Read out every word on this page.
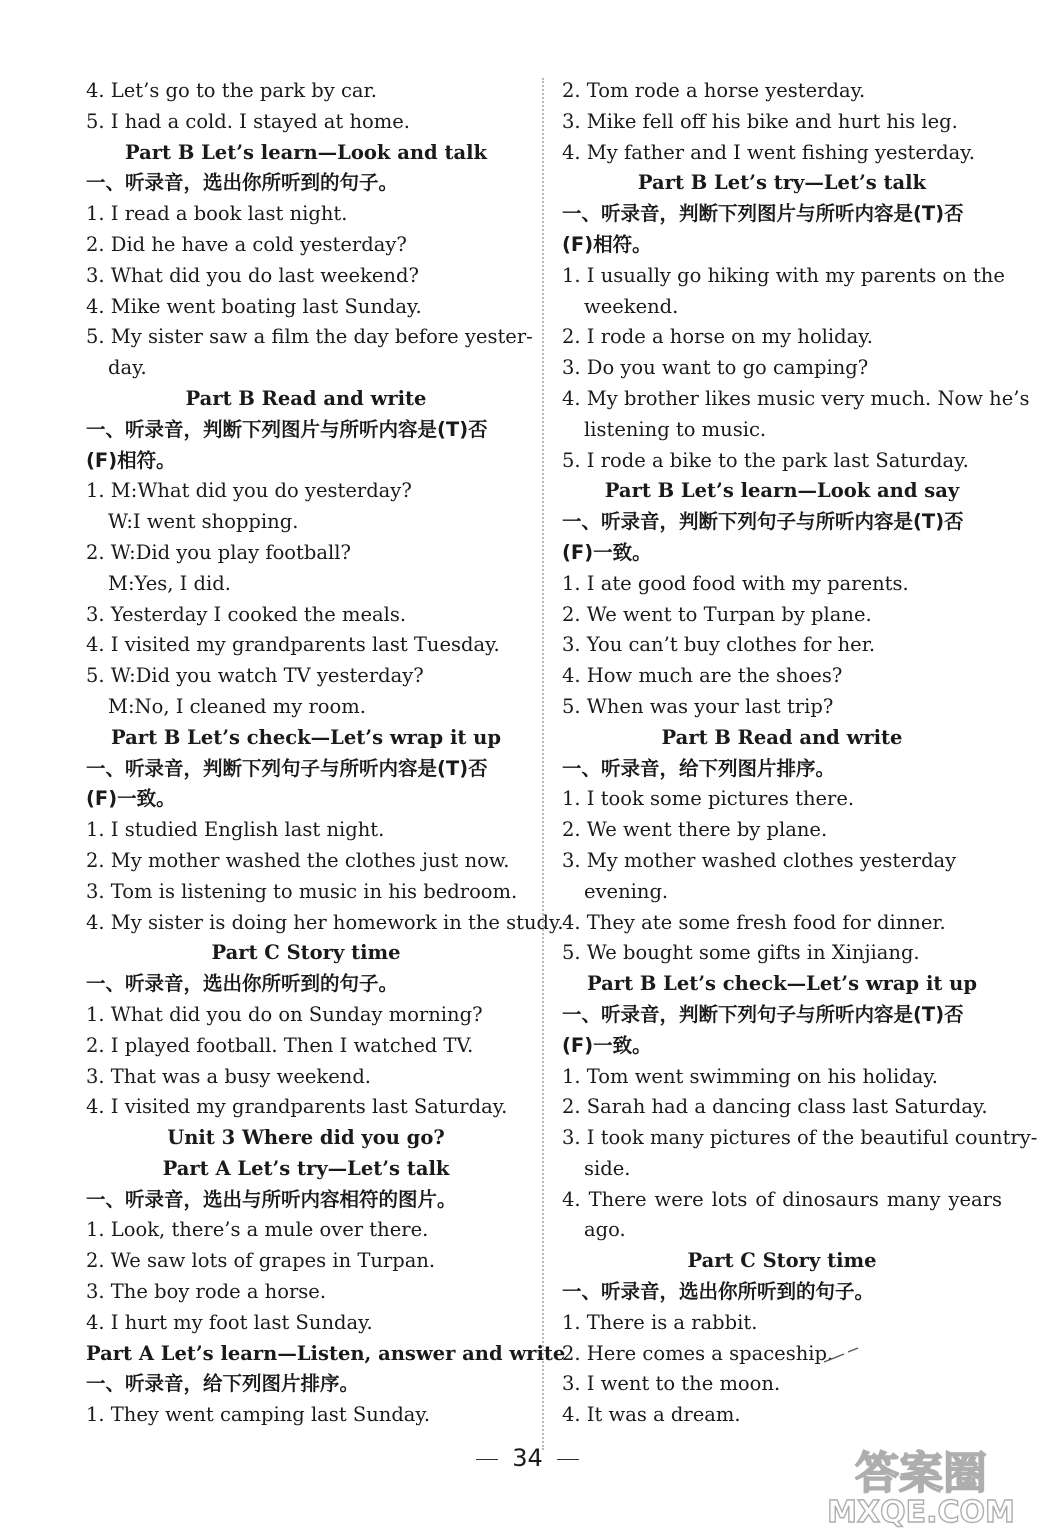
4. Let’s go to the park by car.
5. I had a cold. I stayed at home.
Part B Let’s learn—Look and talk
一、听录音，选出你所听到的句子。
1. I read a book last night.
2. Did he have a cold yesterday?
3. What did you do last weekend?
4. Mike went boating last Sunday.
5. My sister saw a film the day before yester-
day.
Part B Read and write
一、听录音，判断下列图片与所听内容是(T)否
(F)相符。
1. M:What did you do yesterday?
W:I went shopping.
2. W:Did you play football?
M:Yes, I did.
3. Yesterday I cooked the meals.
4. I visited my grandparents last Tuesday.
5. W:Did you watch TV yesterday?
M:No, I cleaned my room.
Part B Let’s check—Let’s wrap it up
一、听录音，判断下列句子与所听内容是(T)否
(F)一致。
1. I studied English last night.
2. My mother washed the clothes just now.
3. Tom is listening to music in his bedroom.
4. My sister is doing her homework in the study.
Part C Story time
一、听录音，选出你所听到的句子。
1. What did you do on Sunday morning?
2. I played football. Then I watched TV.
3. That was a busy weekend.
4. I visited my grandparents last Saturday.
Unit 3 Where did you go?
Part A Let’s try—Let’s talk
一、听录音，选出与所听内容相符的图片。
1. Look, there’s a mule over there.
2. We saw lots of grapes in Turpan.
3. The boy rode a horse.
4. I hurt my foot last Sunday.
Part A Let’s learn—Listen, answer and write
一、听录音，给下列图片排序。
1. They went camping last Sunday.
2. Tom rode a horse yesterday.
3. Mike fell off his bike and hurt his leg.
4. My father and I went fishing yesterday.
Part B Let’s try—Let’s talk
一、听录音，判断下列图片与所听内容是(T)否
(F)相符。
1. I usually go hiking with my parents on the
weekend.
2. I rode a horse on my holiday.
3. Do you want to go camping?
4. My brother likes music very much. Now he’s
listening to music.
5. I rode a bike to the park last Saturday.
Part B Let’s learn—Look and say
一、听录音，判断下列句子与所听内容是(T)否
(F)一致。
1. I ate good food with my parents.
2. We went to Turpan by plane.
3. You can’t buy clothes for her.
4. How much are the shoes?
5. When was your last trip?
Part B Read and write
一、听录音，给下列图片排序。
1. I took some pictures there.
2. We went there by plane.
3. My mother washed clothes yesterday
evening.
4. They ate some fresh food for dinner.
5. We bought some gifts in Xinjiang.
Part B Let’s check—Let’s wrap it up
一、听录音，判断下列句子与所听内容是(T)否
(F)一致。
1. Tom went swimming on his holiday.
2. Sarah had a dancing class last Saturday.
3. I took many pictures of the beautiful country-
side.
4. There were lots of dinosaurs many years
ago.
Part C Story time
一、听录音，选出你所听到的句子。
1. There is a rabbit.
2. Here comes a spaceship.
3. I went to the moon.
4. It was a dream.
34	答案圈
MXQE.COM
